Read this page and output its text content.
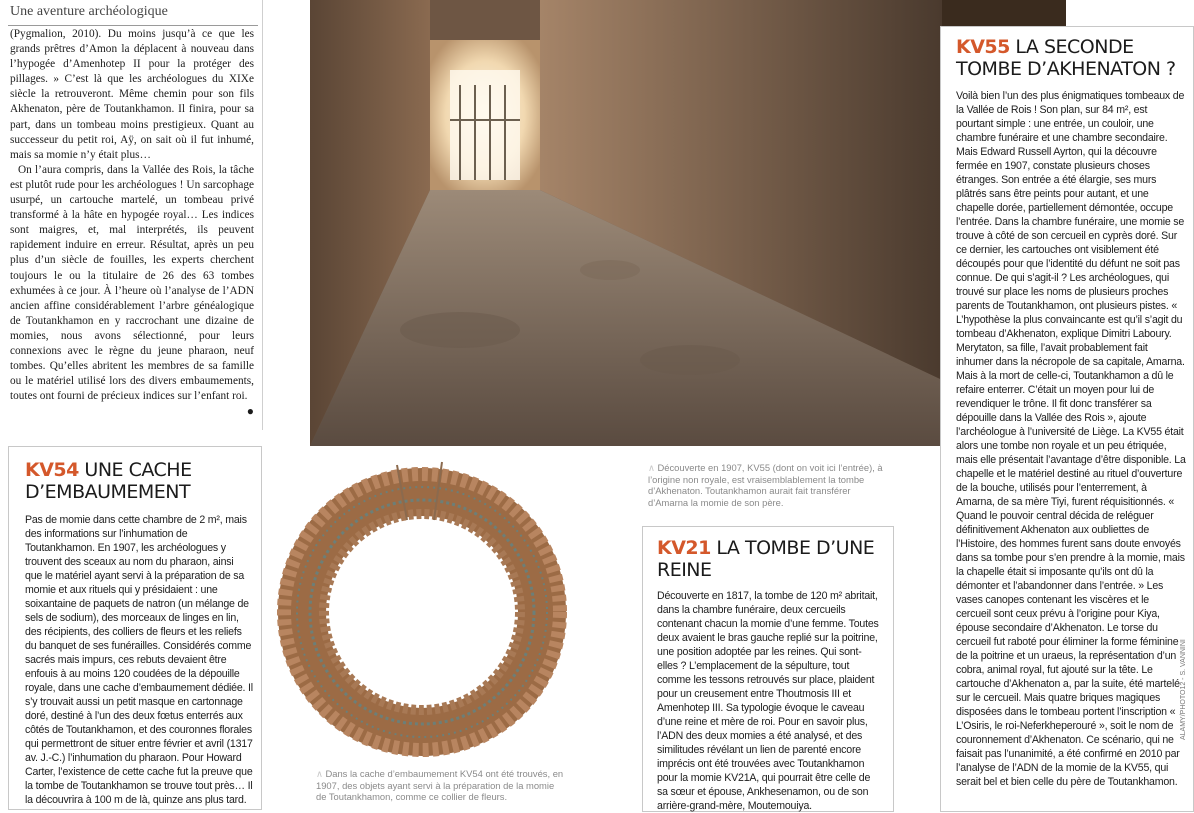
Une aventure archéologique

(Pygmalion, 2010). Du moins jusqu’à ce que les grands prêtres d’Amon la déplacent à nouveau dans l’hypogée d’Amenhotep II pour la protéger des pillages. » C’est là que les archéologues du XIXe siècle la retrouveront. Même chemin pour son fils Akhenaton, père de Toutankhamon. Il finira, pour sa part, dans un tombeau moins prestigieux. Quant au successeur du petit roi, Aÿ, on sait où il fut inhumé, mais sa momie n’y était plus…

On l’aura compris, dans la Vallée des Rois, la tâche est plutôt rude pour les archéologues ! Un sarcophage usurpé, un cartouche martelé, un tombeau privé transformé à la hâte en hypogée royal… Les indices sont maigres, et, mal interprétés, ils peuvent rapidement induire en erreur. Résultat, après un peu plus d’un siècle de fouilles, les experts cherchent toujours le ou la titulaire de 26 des 63 tombes exhumées à ce jour. À l’heure où l’analyse de l’ADN ancien affine considérablement l’arbre généalogique de Toutankhamon en y raccrochant une dizaine de momies, nous avons sélectionné, pour leurs connexions avec le règne du jeune pharaon, neuf tombes. Qu’elles abritent les membres de sa famille ou le matériel utilisé lors des divers embaumements, toutes ont fourni de précieux indices sur l’enfant roi.
●

KV55 LA SECONDE TOMBE D’AKHENATON ?

Voilà bien l’un des plus énigmatiques tombeaux de la Vallée de Rois ! Son plan, sur 84 m², est pourtant simple : une entrée, un couloir, une chambre funéraire et une chambre secondaire. Mais Edward Russell Ayrton, qui la découvre fermée en 1907, constate plusieurs choses étranges. Son entrée a été élargie, ses murs plâtrés sans être peints pour autant, et une chapelle dorée, partiellement démontée, occupe l’entrée. Dans la chambre funéraire, une momie se trouve à côté de son cercueil en cyprès doré. Sur ce dernier, les cartouches ont visiblement été découpés pour que l’identité du défunt ne soit pas connue. De qui s’agit-il ? Les archéologues, qui trouvé sur place les noms de plusieurs proches parents de Toutankhamon, ont plusieurs pistes. « L’hypothèse la plus convaincante est qu’il s’agit du tombeau d’Akhenaton, explique Dimitri Laboury. Merytaton, sa fille, l’avait probablement fait inhumer dans la nécropole de sa capitale, Amarna. Mais à la mort de celle-ci, Toutankhamon a dû le refaire enterrer. C’était un moyen pour lui de revendiquer le trône. Il fit donc transférer sa dépouille dans la Vallée des Rois », ajoute l’archéologue à l’université de Liège. La KV55 était alors une tombe non royale et un peu étriquée, mais elle présentait l’avantage d’être disponible. La chapelle et le matériel destiné au rituel d’ouverture de la bouche, utilisés pour l’enterrement, à Amarna, de sa mère Tiyi, furent réquisitionnés. « Quand le pouvoir central décida de reléguer définitivement Akhenaton aux oubliettes de l’Histoire, des hommes furent sans doute envoyés dans sa tombe pour s’en prendre à la momie, mais la chapelle était si imposante qu’ils ont dû la démonter et l’abandonner dans l’entrée. » Les vases canopes contenant les viscères et le cercueil sont ceux prévu à l’origine pour Kiya, épouse secondaire d’Akhenaton. Le torse du cercueil fut raboté pour éliminer la forme féminine de la poitrine et un uraeus, la représentation d’un cobra, animal royal, fut ajouté sur la tête. Le cartouche d’Akhenaton a, par la suite, été martelé sur le cercueil. Mais quatre briques magiques disposées dans le tombeau portent l’inscription « L’Osiris, le roi-Neferkheperouré », soit le nom de couronnement d’Akhenaton. Ce scénario, qui ne faisait pas l’unanimité, a été confirmé en 2010 par l’analyse de l’ADN de la momie de la KV55, qui serait bel et bien celle du père de Toutankhamon.

∧ Découverte en 1907, KV55 (dont on voit ici l’entrée), à l’origine non royale, est vraisemblablement la tombe d’Akhenaton. Toutankhamon aurait fait transférer d’Amarna la momie de son père.
KV21 LA TOMBE D’UNE REINE

Découverte en 1817, la tombe de 120 m² abritait, dans la chambre funéraire, deux cercueils contenant chacun la momie d’une femme. Toutes deux avaient le bras gauche replié sur la poitrine, une position adoptée par les reines. Qui sont-elles ? L’emplacement de la sépulture, tout comme les tessons retrouvés sur place, plaident pour un creusement entre Thoutmosis III et Amenhotep III. Sa typologie évoque le caveau d’une reine et mère de roi. Pour en savoir plus, l’ADN des deux momies a été analysé, et des similitudes révélant un lien de parenté encore imprécis ont été trouvées avec Toutankhamon pour la momie KV21A, qui pourrait être celle de sa sœur et épouse, Ankhesenamon, ou de son arrière-grand-mère, Moutemouiya.

∧ Dans la cache d’embaumement KV54 ont été trouvés, en 1907, des objets ayant servi à la préparation de la momie de Toutankhamon, comme ce collier de fleurs.
KV54 UNE CACHE D’EMBAUMEMENT

Pas de momie dans cette chambre de 2 m², mais des informations sur l’inhumation de Toutankhamon. En 1907, les archéologues y trouvent des sceaux au nom du pharaon, ainsi que le matériel ayant servi à la préparation de sa momie et aux rituels qui y présidaient : une soixantaine de paquets de natron (un mélange de sels de sodium), des morceaux de linges en lin, des récipients, des colliers de fleurs et les reliefs du banquet de ses funérailles. Considérés comme sacrés mais impurs, ces rebuts devaient être enfouis à au moins 120 coudées de la dépouille royale, dans une cache d’embaumement dédiée. Il s’y trouvait aussi un petit masque en cartonnage doré, destiné à l’un des deux fœtus enterrés aux côtés de Toutankhamon, et des couronnes florales qui permettront de situer entre février et avril (1317 av. J.-C.) l’inhumation du pharaon. Pour Howard Carter, l’existence de cette cache fut la preuve que la tombe de Toutankhamon se trouve tout près… Il la découvrira à 100 m de là, quinze ans plus tard.

ALAMY/PHOTO12 - S. VANNINI
